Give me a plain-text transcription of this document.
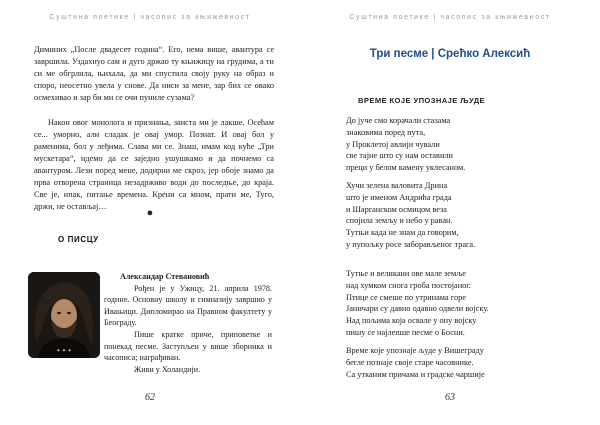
Суштина поетике | часопис за књижевност

Диминих „После двадесет година“. Его, нема више, авантура се завршила. Уздахнуо сам и дуго држао ту књижицу на грудима, а ти си ме обгрлила, њихала, да ми спустила своју руку на образ и споро, неосетно увела у снове. Да ниси за мене, зар бих се овако осмехивао и зар би ми се очи пуниле сузама?

Након овог монолога и признања, заиста ми је лакше. Осећам се... уморно, али сладак је овај умор. Познат. И овај бол у раменима, бол у леђима. Слава ми се. Знаш, имам код куће „Три мускетара“, идемо да се заједно ушушкамо и да почнемо са авантуром. Лези поред мене, додирни ме скроз, јер обоје знамо да прва отворена страница незадрживо води до последње, до краја. Све је, ипак, питање времена. Крени са мном, прати ме, Туго, држи, не остављај…

●
О ПИСЦУ
✦ ✦ ✦

Александар Стевановић

Рођен је у Ужицу, 21. априла 1978. године. Основну школу и гимназију завршио у Ивањици. Дипломирао на Правном факултету у Београду.

Пише кратке приче, приповетке и понекад песме. Заступљен у више зборника и часописа; награђиван.

Живи у Холандији.

62
Суштина поетике | часопис за књижевност
Три песме | Срећко Алексић
ВРЕМЕ КОЈЕ УПОЗНАЈЕ ЉУДЕ
До јуче смо корачали стазама
знаковима поред пута,
у Проклетој авлији чували
све тајне што су нам оставили
преци у белом камену уклесаном.
Хучи зелена валовита Дрина
што је именом Андрића града
и Шарганском осмицом веза
спојила земљу и небо у раван.
Тутњи када не знам да говорим,
у пупољку росе заборављеног трага.
Тутње и великани ове мале земље
над хумком снога гроба постојаног.
Птице се смеше по утринама горе
Јаничари су давно одавно одвели војску.
Над пољима која освале у ону војску
пишу се најлепше песме о Босни.
Време које упознаје људе у Вишеграду
бегле познаје своје старе часовнике.
Са утканим причама и градске чаршије
63
